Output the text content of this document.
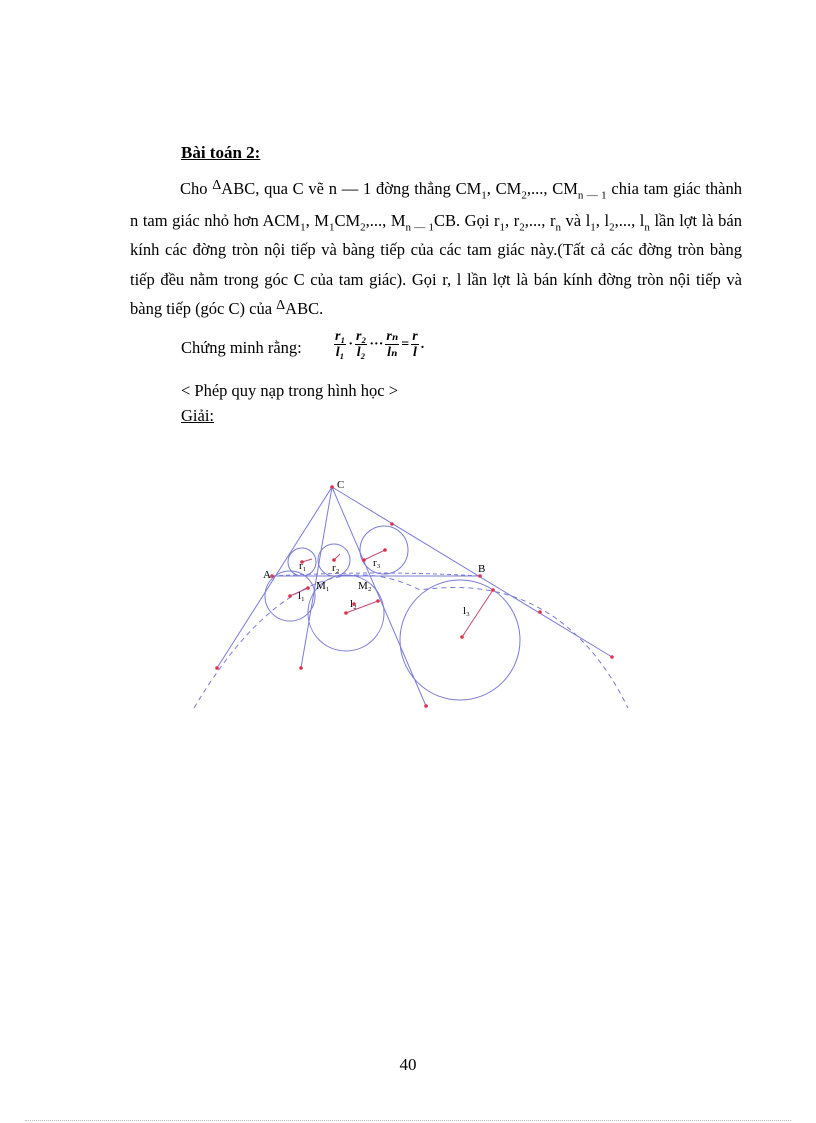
Bài toán 2:
Cho $^\Delta$ABC, qua C vẽ n — 1 đờng thẳng $CM_1$, $CM_2$,..., $CM_{n — 1}$ chia tam giác thành n tam giác nhỏ hơn $ACM_1$, $M_1CM_2$,..., $M_{n — 1}CB$. Gọi $r_1$, $r_2$,..., $r_n$ và $l_1$, $l_2$,..., $l_n$ lần lợt là bán kính các đờng tròn nội tiếp và bàng tiếp của các tam giác này.(Tất cả các đờng tròn bàng tiếp đều nằm trong góc C của tam giác). Gọi r, l lần lợt là bán kính đờng tròn nội tiếp và bàng tiếp (góc C) của $^\Delta$ABC.
Chứng minh rằng: $\frac{\text{r₁}}{\text{l₁}} \cdot \frac{\text{r₂}}{\text{l₂}}$ ··· $\frac{\text{rₙ}}{\text{lₙ}} = \frac{r}{l}$ .
< Phép quy nạp trong hình học >
Giải:
C
A	B
M₁	M₂
r₁ r₂	r₃
l₁
l₂
l₃
40
